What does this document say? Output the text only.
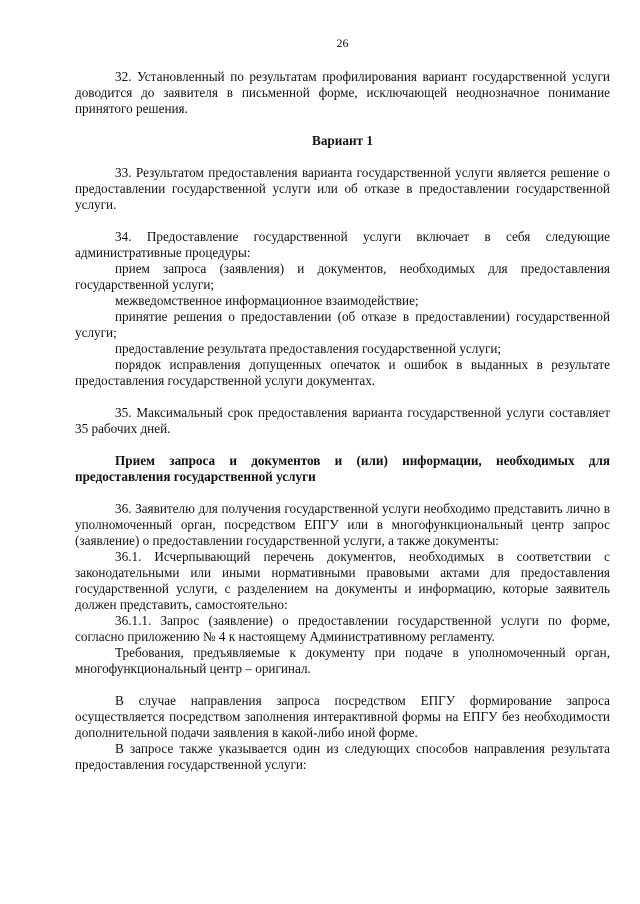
26

32. Установленный по результатам профилирования вариант государственной услуги доводится до заявителя в письменной форме, исключающей неоднозначное понимание принятого решения.

Вариант 1

33. Результатом предоставления варианта государственной услуги является решение о предоставлении государственной услуги или об отказе в предоставлении государственной услуги.

34. Предоставление государственной услуги включает в себя следующие административные процедуры:

прием запроса (заявления) и документов, необходимых для предоставления государственной услуги;

межведомственное информационное взаимодействие;

принятие решения о предоставлении (об отказе в предоставлении) государственной услуги;

предоставление результата предоставления государственной услуги;

порядок исправления допущенных опечаток и ошибок в выданных в результате предоставления государственной услуги документах.

35. Максимальный срок предоставления варианта государственной услуги составляет 35 рабочих дней.

Прием запроса и документов и (или) информации, необходимых для предоставления государственной услуги

36. Заявителю для получения государственной услуги необходимо представить лично в уполномоченный орган, посредством ЕПГУ или в многофункциональный центр запрос (заявление) о предоставлении государственной услуги, а также документы:

36.1. Исчерпывающий перечень документов, необходимых в соответствии с законодательными или иными нормативными правовыми актами для предоставления государственной услуги, с разделением на документы и информацию, которые заявитель должен представить, самостоятельно:

36.1.1. Запрос (заявление) о предоставлении государственной услуги по форме, согласно приложению № 4 к настоящему Административному регламенту.

Требования, предъявляемые к документу при подаче в уполномоченный орган, многофункциональный центр – оригинал.

В случае направления запроса посредством ЕПГУ формирование запроса осуществляется посредством заполнения интерактивной формы на ЕПГУ без необходимости дополнительной подачи заявления в какой-либо иной форме.

В запросе также указывается один из следующих способов направления результата предоставления государственной услуги:
